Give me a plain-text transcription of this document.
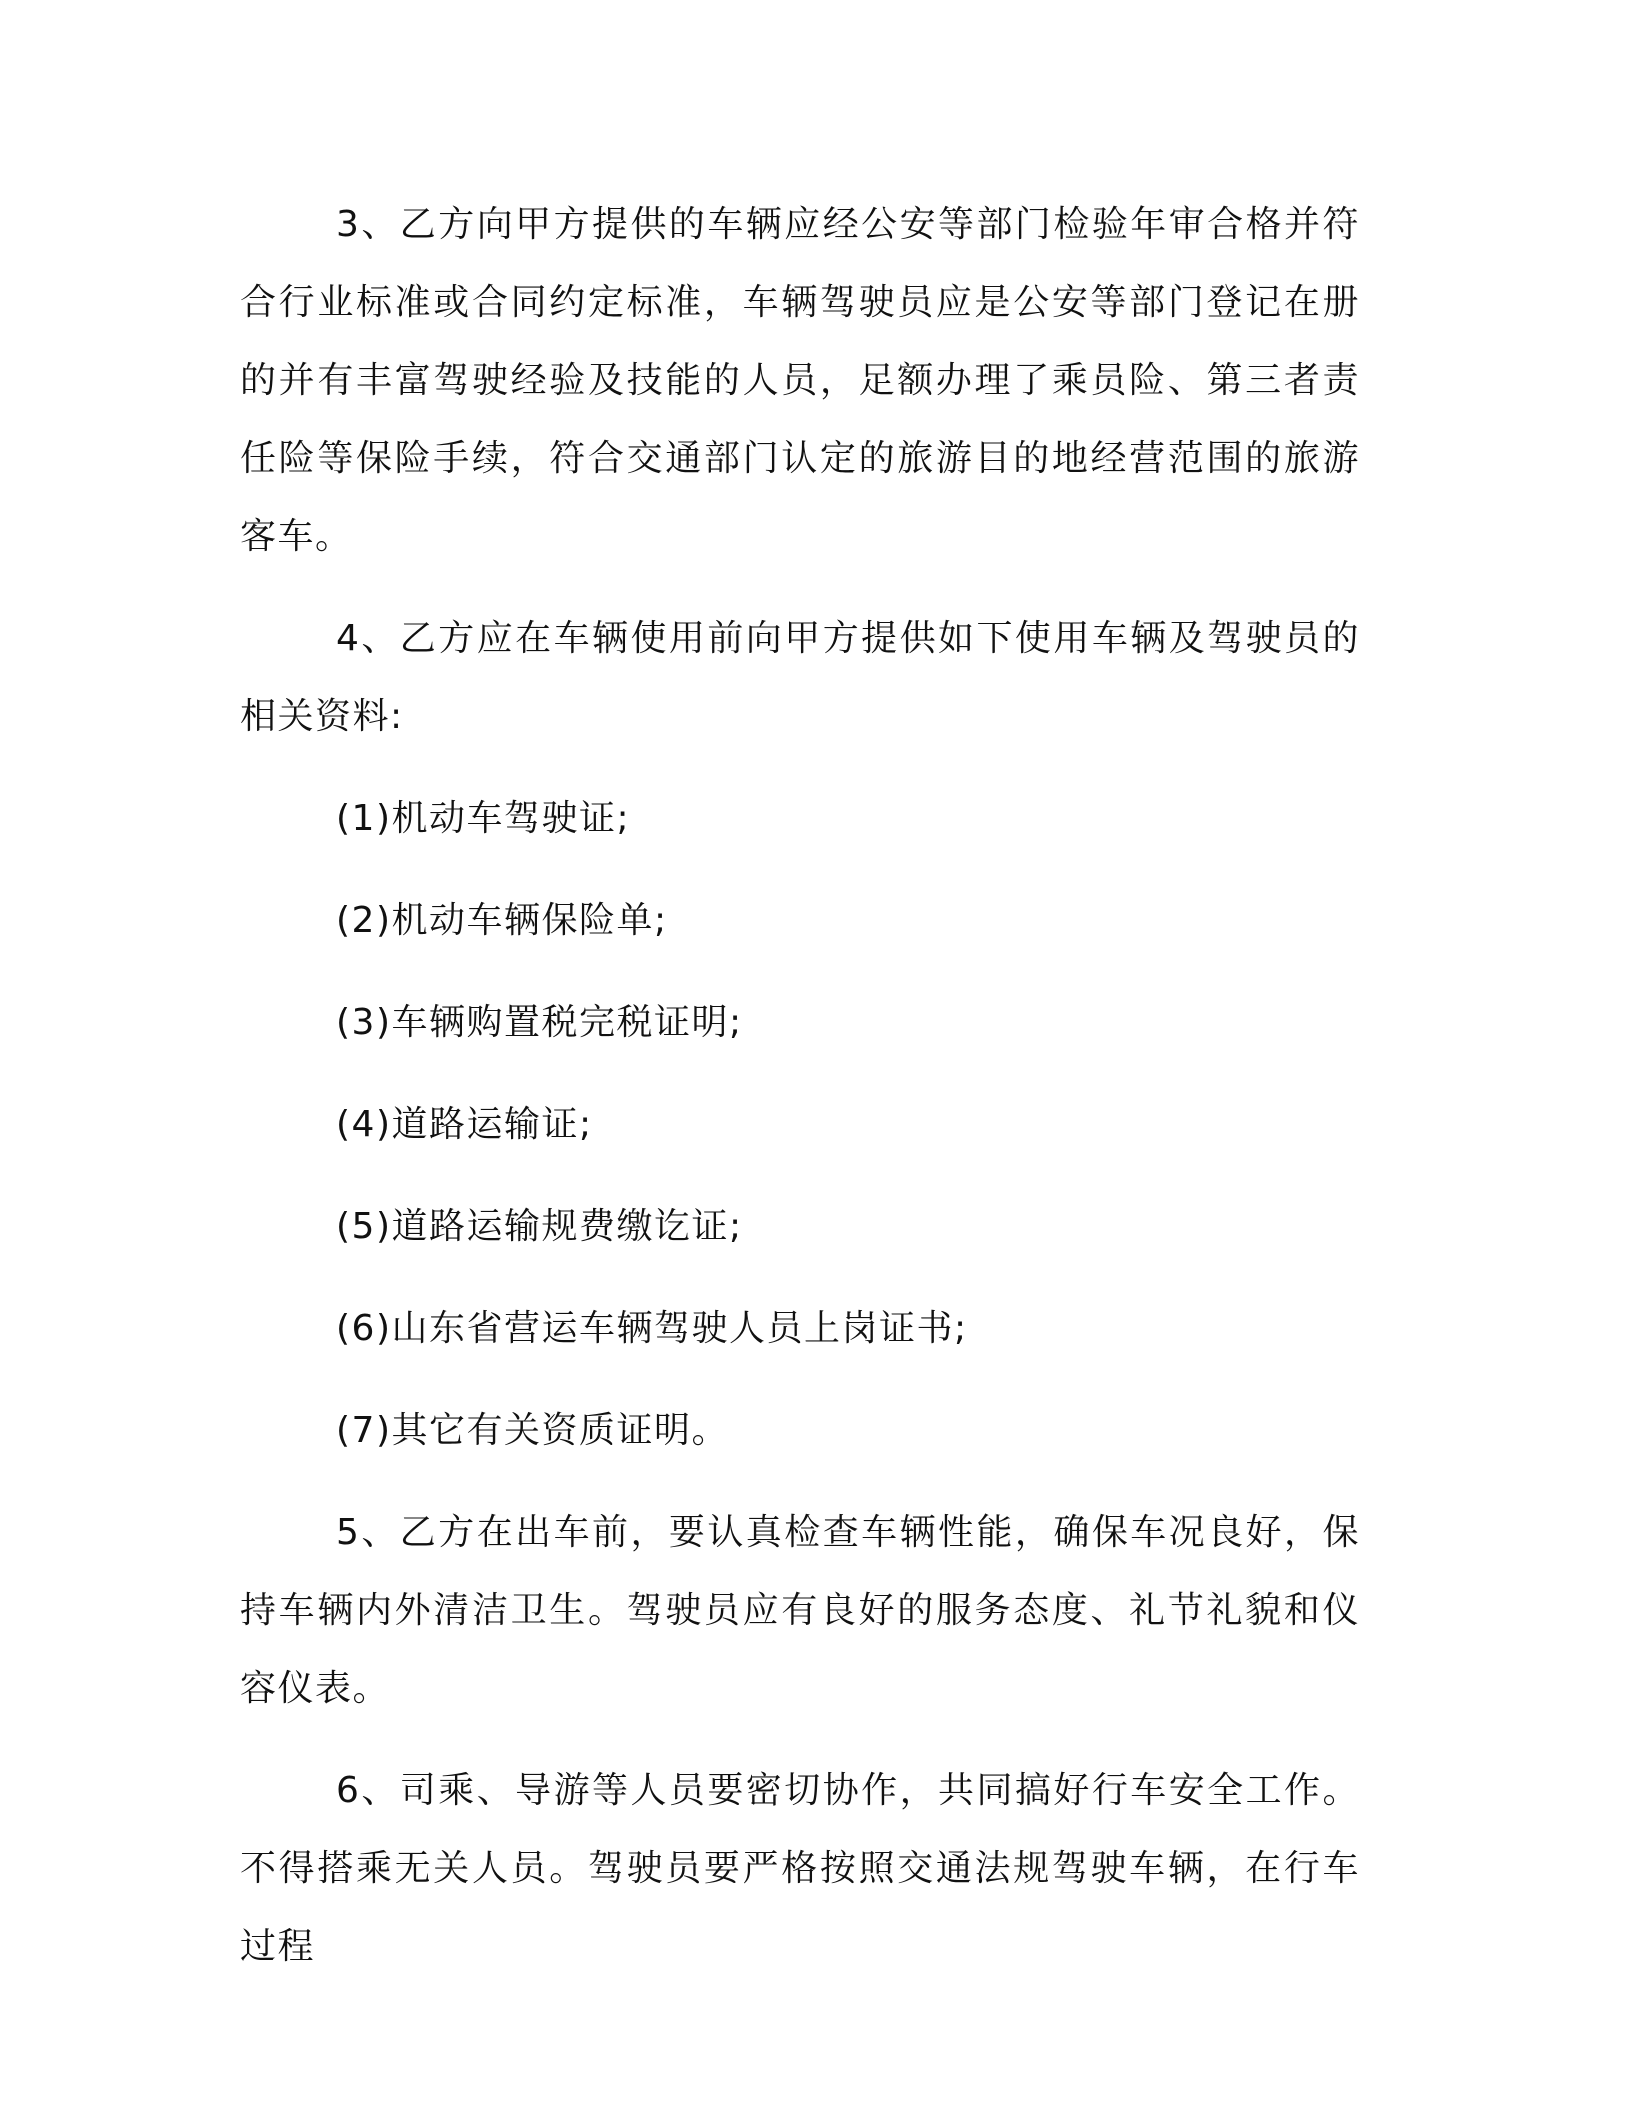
3、乙方向甲方提供的车辆应经公安等部门检验年审合格并符合行业标准或合同约定标准，车辆驾驶员应是公安等部门登记在册的并有丰富驾驶经验及技能的人员，足额办理了乘员险、第三者责任险等保险手续，符合交通部门认定的旅游目的地经营范围的旅游客车。

4、乙方应在车辆使用前向甲方提供如下使用车辆及驾驶员的相关资料:

(1)机动车驾驶证;

(2)机动车辆保险单;

(3)车辆购置税完税证明;

(4)道路运输证;

(5)道路运输规费缴讫证;

(6)山东省营运车辆驾驶人员上岗证书;

(7)其它有关资质证明。

5、乙方在出车前，要认真检查车辆性能，确保车况良好，保持车辆内外清洁卫生。驾驶员应有良好的服务态度、礼节礼貌和仪容仪表。

6、司乘、导游等人员要密切协作，共同搞好行车安全工作。不得搭乘无关人员。驾驶员要严格按照交通法规驾驶车辆，在行车过程
